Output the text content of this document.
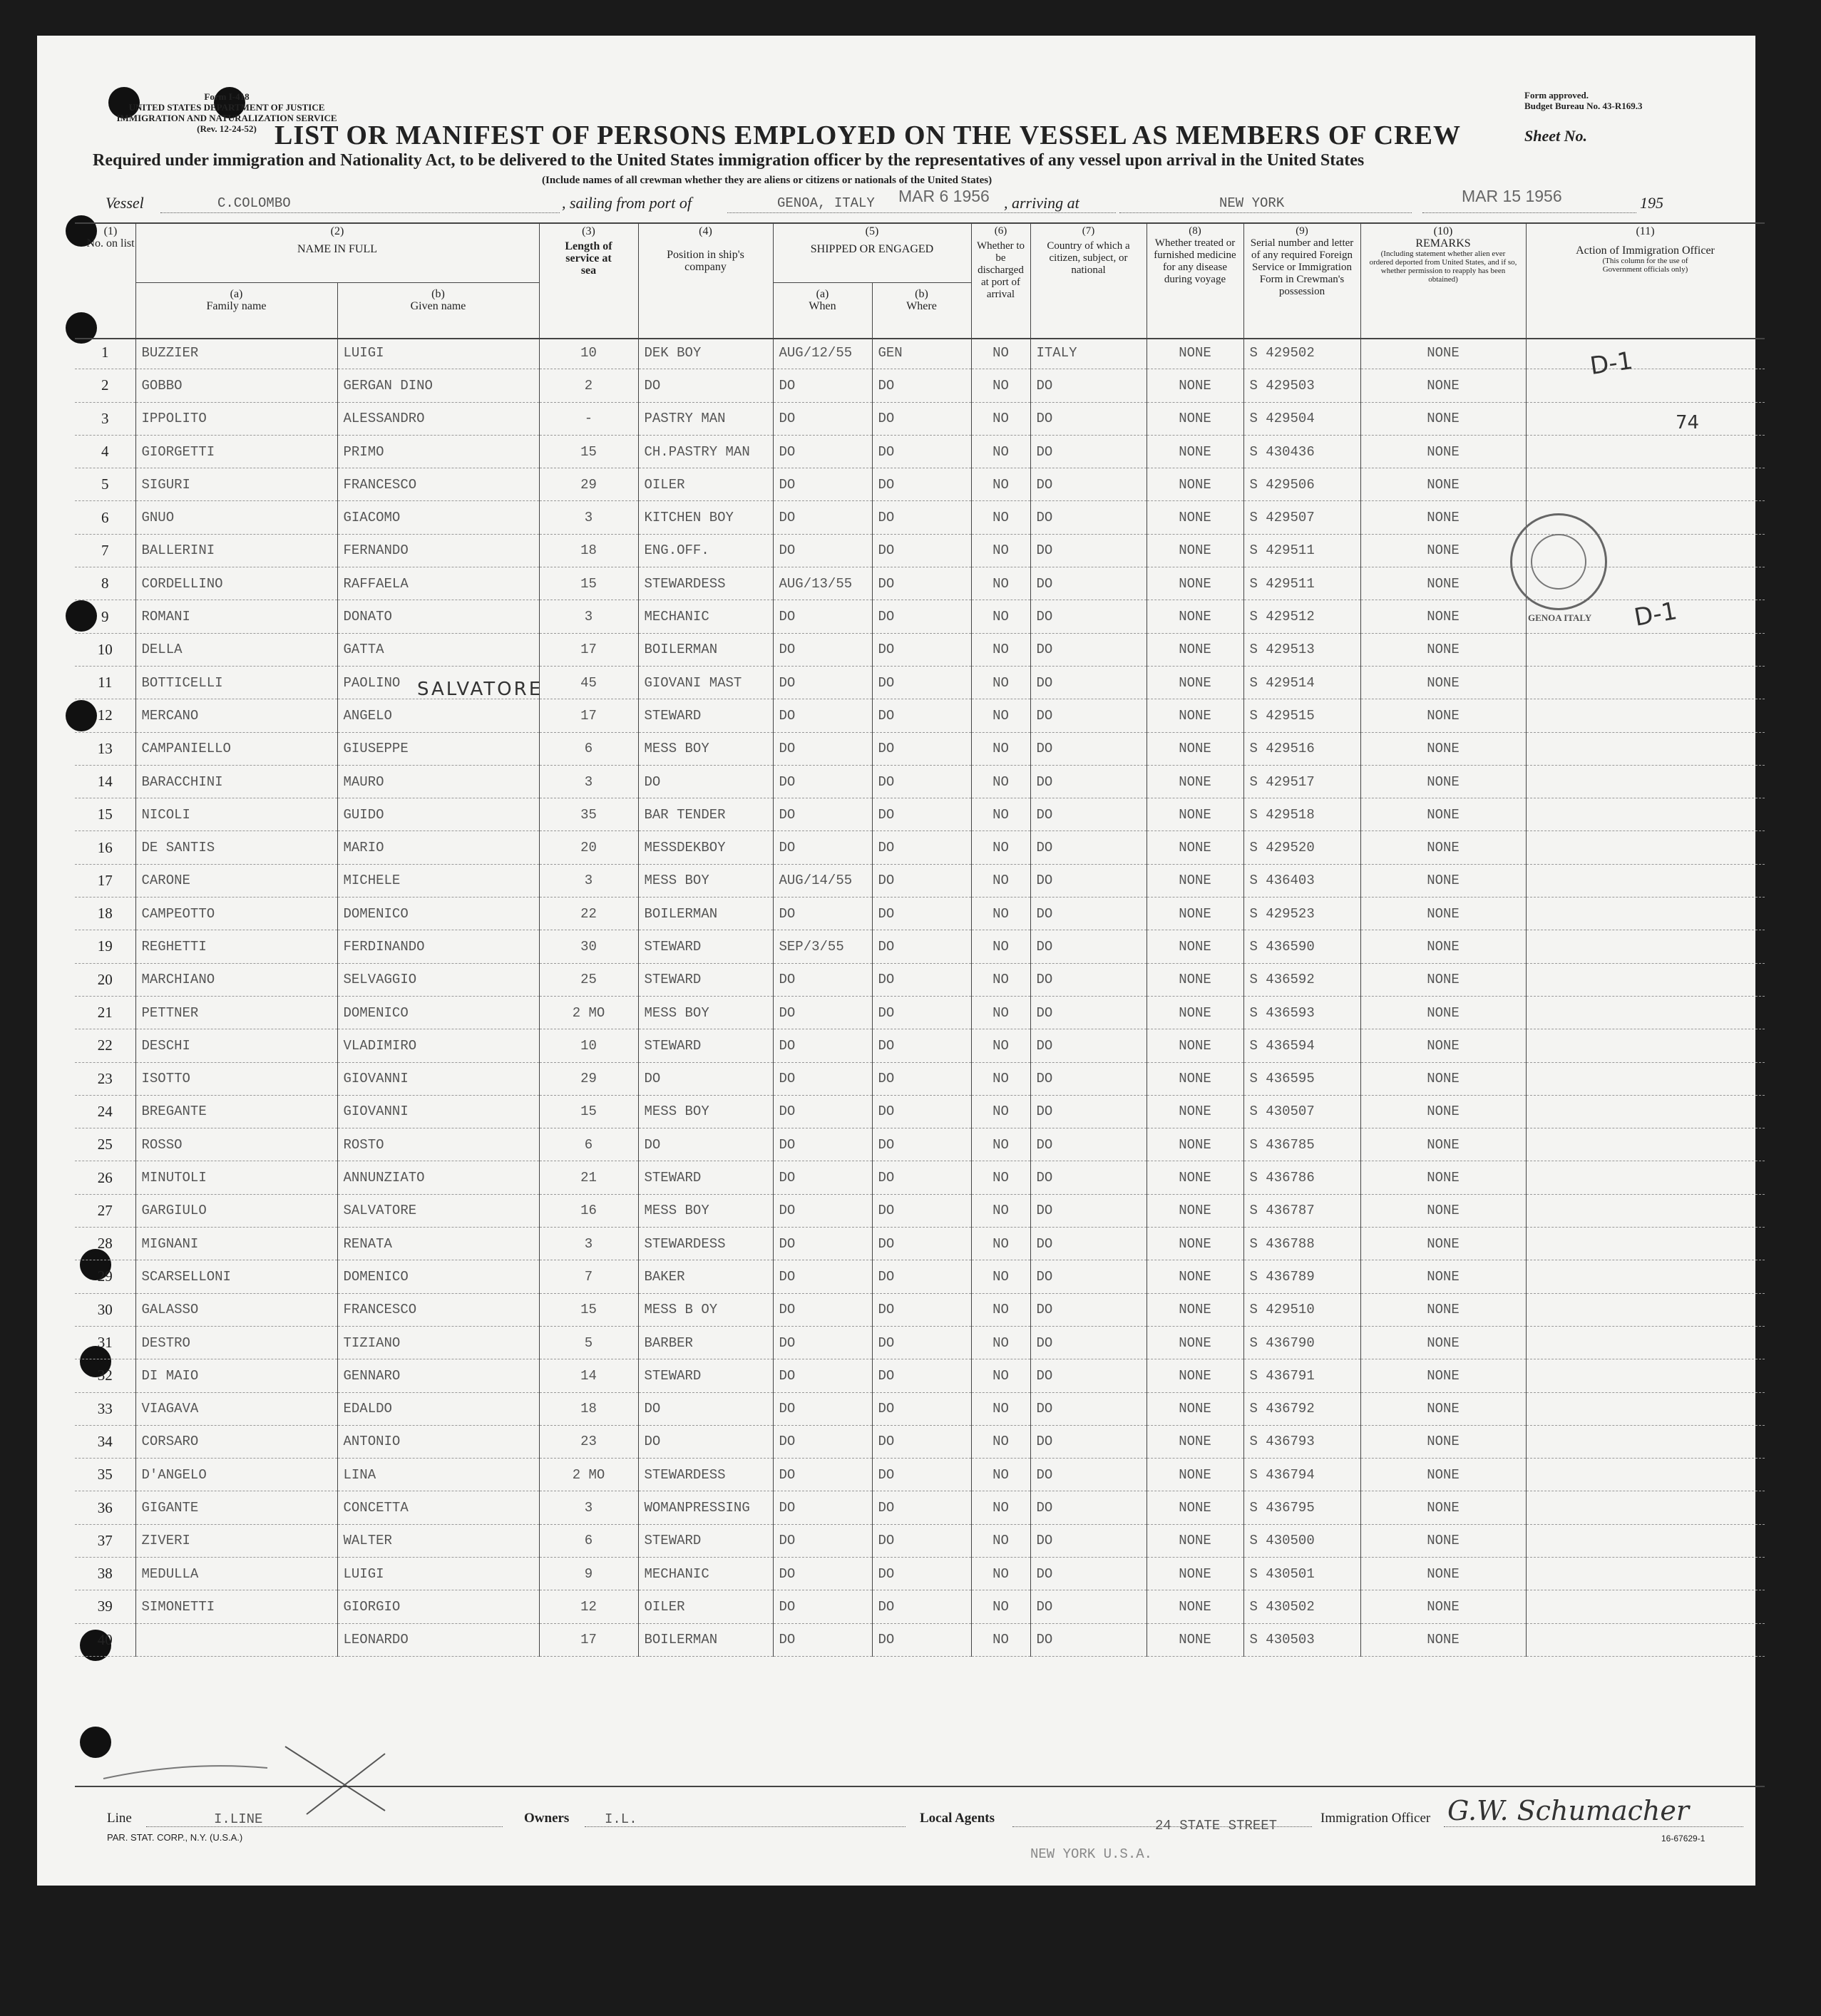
Form I-418
UNITED STATES DEPARTMENT OF JUSTICE
IMMIGRATION AND NATURALIZATION SERVICE
(Rev. 12-24-52)
Form approved.
Budget Bureau No. 43-R169.3
LIST OR MANIFEST OF PERSONS EMPLOYED ON THE VESSEL AS MEMBERS OF CREW	Sheet No.
Required under immigration and Nationality Act, to be delivered to the United States immigration officer by the representatives of any vessel upon arrival in the United States
(Include names of all crewman whether they are aliens or citizens or nationals of the United States)
Vessel	C.COLOMBO	, sailing from port of	GENOA, ITALY MAR 6 1956 , arriving at	NEW YORK	MAR 15 1956	195
(1)
No. on list
(2)
NAME IN FULL
(a)
Family name
(b)
Given name
(3)
Length of service at sea
(4)
Position in ship's company
(5)
SHIPPED OR ENGAGED
(a)
When
(b)
Where
(6)
Whether to be discharged at port of arrival
(7)
Country of which a citizen, subject, or national
(8)
Whether treated or furnished medicine for any disease during voyage
(9)
Serial number and letter of any required Foreign Service or Immigration Form in Crewman's possession
(10)
REMARKS
(Including statement whether alien ever ordered deported from United States, and if so, whether permission to reapply has been obtained)
(11)
Action of Immigration Officer
(This column for the use of Government officials only)
1	BUZZIER	LUIGI	10	DEK BOY	AUG/12/55	GEN	NO	ITALY	NONE	S 429502	NONE	
2	GOBBO	GERGAN DINO	2	DO	DO	DO	NO	DO	NONE	S 429503	NONE	
3	IPPOLITO	ALESSANDRO	-	PASTRY MAN	DO	DO	NO	DO	NONE	S 429504	NONE	
4	GIORGETTI	PRIMO	15	CH.PASTRY MAN	DO	DO	NO	DO	NONE	S 430436	NONE	
5	SIGURI	FRANCESCO	29	OILER	DO	DO	NO	DO	NONE	S 429506	NONE	
6	GNUO	GIACOMO	3	KITCHEN BOY	DO	DO	NO	DO	NONE	S 429507	NONE	
7	BALLERINI	FERNANDO	18	ENG.OFF.	DO	DO	NO	DO	NONE	S 429511	NONE	
8	CORDELLINO	RAFFAELA	15	STEWARDESS	AUG/13/55	DO	NO	DO	NONE	S 429511	NONE	
9	ROMANI	DONATO	3	MECHANIC	DO	DO	NO	DO	NONE	S 429512	NONE	
10	DELLA	GATTA	17	BOILERMAN	DO	DO	NO	DO	NONE	S 429513	NONE	
11	BOTTICELLI	PAOLINO	45	GIOVANI MAST	DO	DO	NO	DO	NONE	S 429514	NONE	
12	MERCANO	ANGELO	17	STEWARD	DO	DO	NO	DO	NONE	S 429515	NONE	
13	CAMPANIELLO	GIUSEPPE	6	MESS BOY	DO	DO	NO	DO	NONE	S 429516	NONE	
14	BARACCHINI	MAURO	3	DO	DO	DO	NO	DO	NONE	S 429517	NONE	
15	NICOLI	GUIDO	35	BAR TENDER	DO	DO	NO	DO	NONE	S 429518	NONE	
16	DE SANTIS	MARIO	20	MESSDEKBOY	DO	DO	NO	DO	NONE	S 429520	NONE	
17	CARONE	MICHELE	3	MESS BOY	AUG/14/55	DO	NO	DO	NONE	S 436403	NONE	
18	CAMPEOTTO	DOMENICO	22	BOILERMAN	DO	DO	NO	DO	NONE	S 429523	NONE	
19	REGHETTI	FERDINANDO	30	STEWARD	SEP/3/55	DO	NO	DO	NONE	S 436590	NONE	
20	MARCHIANO	SELVAGGIO	25	STEWARD	DO	DO	NO	DO	NONE	S 436592	NONE	
21	PETTNER	DOMENICO	2 MO	MESS BOY	DO	DO	NO	DO	NONE	S 436593	NONE	
22	DESCHI	VLADIMIRO	10	STEWARD	DO	DO	NO	DO	NONE	S 436594	NONE	
23	ISOTTO	GIOVANNI	29	DO	DO	DO	NO	DO	NONE	S 436595	NONE	
24	BREGANTE	GIOVANNI	15	MESS BOY	DO	DO	NO	DO	NONE	S 430507	NONE	
25	ROSSO	ROSTO	6	DO	DO	DO	NO	DO	NONE	S 436785	NONE	
26	MINUTOLI	ANNUNZIATO	21	STEWARD	DO	DO	NO	DO	NONE	S 436786	NONE	
27	GARGIULO	SALVATORE	16	MESS BOY	DO	DO	NO	DO	NONE	S 436787	NONE	
28	MIGNANI	RENATA	3	STEWARDESS	DO	DO	NO	DO	NONE	S 436788	NONE	
29	SCARSELLONI	DOMENICO	7	BAKER	DO	DO	NO	DO	NONE	S 436789	NONE	
30	GALASSO	FRANCESCO	15	MESS B OY	DO	DO	NO	DO	NONE	S 429510	NONE	
31	DESTRO	TIZIANO	5	BARBER	DO	DO	NO	DO	NONE	S 436790	NONE	
32	DI MAIO	GENNARO	14	STEWARD	DO	DO	NO	DO	NONE	S 436791	NONE	
33	VIAGAVA	EDALDO	18	DO	DO	DO	NO	DO	NONE	S 436792	NONE	
34	CORSARO	ANTONIO	23	DO	DO	DO	NO	DO	NONE	S 436793	NONE	
35	D'ANGELO	LINA	2 MO	STEWARDESS	DO	DO	NO	DO	NONE	S 436794	NONE	
36	GIGANTE	CONCETTA	3	WOMANPRESSING	DO	DO	NO	DO	NONE	S 436795	NONE	
37	ZIVERI	WALTER	6	STEWARD	DO	DO	NO	DO	NONE	S 430500	NONE	
38	MEDULLA	LUIGI	9	MECHANIC	DO	DO	NO	DO	NONE	S 430501	NONE	
39	SIMONETTI	GIORGIO	12	OILER	DO	DO	NO	DO	NONE	S 430502	NONE	
40		LEONARDO	17	BOILERMAN	DO	DO	NO	DO	NONE	S 430503	NONE	
D-1
74
D-1
SALVATORE
GENOA ITALY
Line	I.LINE	Owners	I.L.	Local Agents	24 STATE STREET
NEW YORK U.S.A.
Immigration Officer G.W. Schumacher
PAR. STAT. CORP., N.Y. (U.S.A.)	16-67629-1
